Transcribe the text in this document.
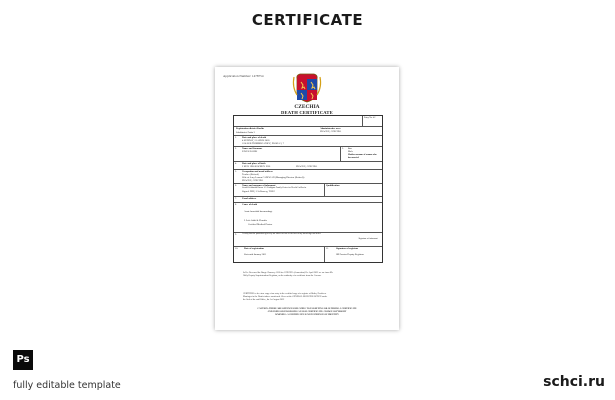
CERTIFICATE
Application Number: 1478754
CZECHIA
DEATH CERTIFICATE
Entry No. 42
Registration district Karlin	Administrative area
PRAGUE, CZECHIA
Subdistrict: Praha 3
1. Date and place of death
4 SUNDAY, 13 APRIL 2020
GALLER TRIMMEGANICZ, PRAHA 3, 7
2. Name and Surname
PAVEL HAJEK
3. Sex
Male
Maiden surname of woman who has married
4. Date and place of birth
2 MAY 1960 KAPRUN 1956	PRAGUE, CZECHIA
5. Occupation and usual address
Teacher (Retired)
Wife of Jerry Lemon CADOGAN (Managing Director (Retired))
PRAGUE, CZECHIA
6. Name and surname of informant	Qualification
Gerald Goldsmith Brown 1-5 Cardigans Family Center for Ho-chi Lu-Doc/ar
Signed: DEE, 5 St Bowery, TSNG
7. Usual address
8. Cause of death
Acute bronchial haemorrhage
I. Left Adult & Pleuritis
Certified Medical Doctor
9. I certify that the particulars given by me above are true to the best of my knowledge and belief
Signature of informant
10.	Date of registration
Sixteenth January 2011
11.	Signature of registrar
JM Proctor Deputy Registrar
In Re: Deceased the Burgo Chancery 1000 for CZECHIA (Amnerifon) Dr. April 2022 we are from Mr
Holly Deputy Superintendent Registrar, on the authority of a certificate from the Coroner
CERTIFIED to be a true copy of an entry in the certified copy of a register of Births, Deaths or
Marriages in the District above mentioned. Given at the GENERAL REGISTER OFFICE under
the Seal of the said Office, the 1st August 2022
CAUTION: THERE ARE OFFENCES RELATING TO FALSIFYING OR ALTERING A CERTIFICATE
AND USING OR POSSESSING A FALSE CERTIFICATE. CROWN COPYRIGHT
WARNING: A CERTIFICATE IS NOT EVIDENCE OF IDENTITY
Ps
fully editable template	schci.ru
